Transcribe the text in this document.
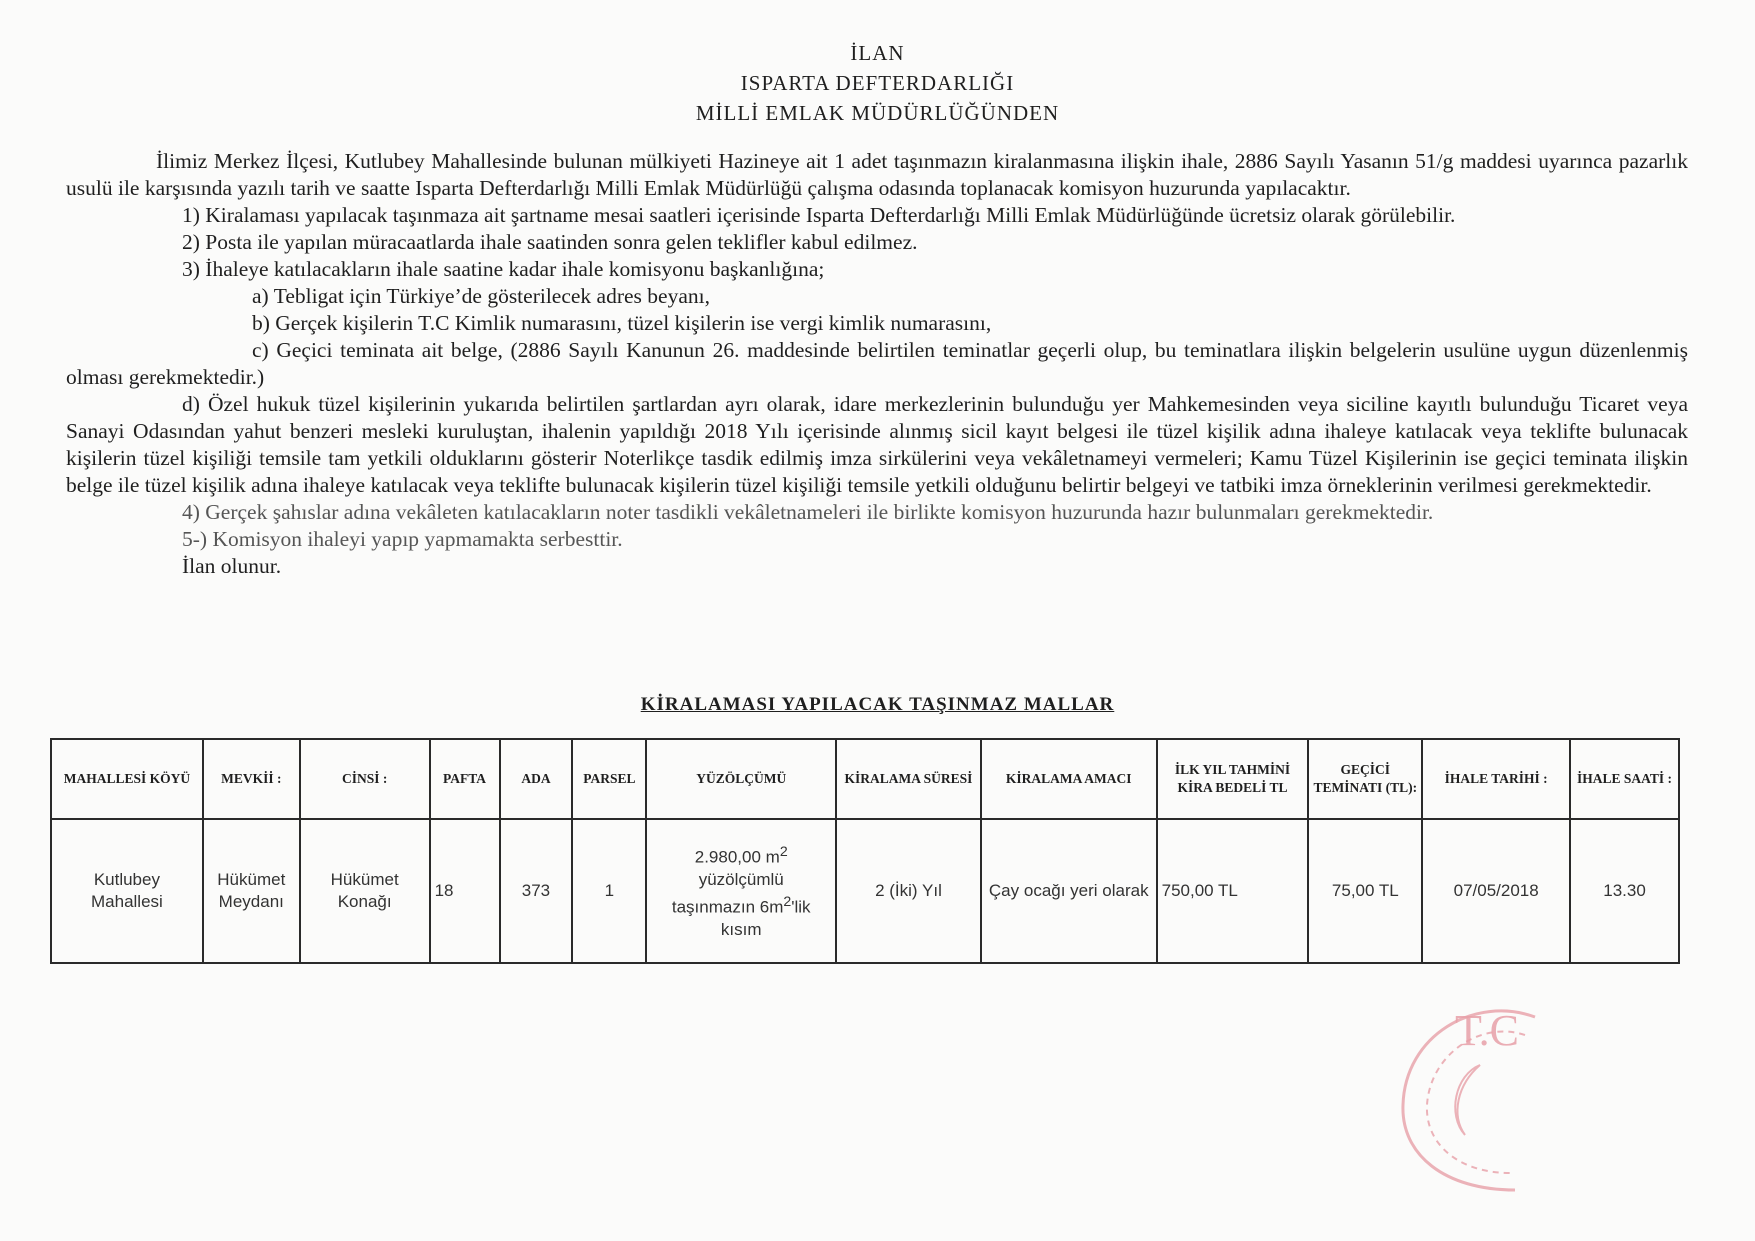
İLAN
ISPARTA DEFTERDARLIĞI
MİLLİ EMLAK MÜDÜRLÜĞÜNDEN

İlimiz Merkez İlçesi, Kutlubey Mahallesinde bulunan mülkiyeti Hazineye ait 1 adet taşınmazın kiralanmasına ilişkin ihale, 2886 Sayılı Yasanın 51/g maddesi uyarınca pazarlık usulü ile karşısında yazılı tarih ve saatte Isparta Defterdarlığı Milli Emlak Müdürlüğü çalışma odasında toplanacak komisyon huzurunda yapılacaktır.

1) Kiralaması yapılacak taşınmaza ait şartname mesai saatleri içerisinde Isparta Defterdarlığı Milli Emlak Müdürlüğünde ücretsiz olarak görülebilir.

2) Posta ile yapılan müracaatlarda ihale saatinden sonra gelen teklifler kabul edilmez.

3) İhaleye katılacakların ihale saatine kadar ihale komisyonu başkanlığına;

a) Tebligat için Türkiye’de gösterilecek adres beyanı,

b) Gerçek kişilerin T.C Kimlik numarasını, tüzel kişilerin ise vergi kimlik numarasını,

c) Geçici teminata ait belge, (2886 Sayılı Kanunun 26. maddesinde belirtilen teminatlar geçerli olup, bu teminatlara ilişkin belgelerin usulüne uygun düzenlenmiş olması gerekmektedir.)

d) Özel hukuk tüzel kişilerinin yukarıda belirtilen şartlardan ayrı olarak, idare merkezlerinin bulunduğu yer Mahkemesinden veya siciline kayıtlı bulunduğu Ticaret veya Sanayi Odasından yahut benzeri mesleki kuruluştan, ihalenin yapıldığı 2018 Yılı içerisinde alınmış sicil kayıt belgesi ile tüzel kişilik adına ihaleye katılacak veya teklifte bulunacak kişilerin tüzel kişiliği temsile tam yetkili olduklarını gösterir Noterlikçe tasdik edilmiş imza sirkülerini veya vekâletnameyi vermeleri; Kamu Tüzel Kişilerinin ise geçici teminata ilişkin belge ile tüzel kişilik adına ihaleye katılacak veya teklifte bulunacak kişilerin tüzel kişiliği temsile yetkili olduğunu belirtir belgeyi ve tatbiki imza örneklerinin verilmesi gerekmektedir.

4) Gerçek şahıslar adına vekâleten katılacakların noter tasdikli vekâletnameleri ile birlikte komisyon huzurunda hazır bulunmaları gerekmektedir.

5-) Komisyon ihaleyi yapıp yapmamakta serbesttir.

İlan olunur.

KİRALAMASI YAPILACAK TAŞINMAZ MALLAR
MAHALLESİ KÖYÜ	MEVKİİ :	CİNSİ :	PAFTA	ADA	PARSEL	YÜZÖLÇÜMÜ	KİRALAMA SÜRESİ	KİRALAMA AMACI	İLK YIL TAHMİNİ KİRA BEDELİ TL	GEÇİCİ TEMİNATI (TL):	İHALE TARİHİ :	İHALE SAATİ :
Kutlubey Mahallesi	Hükümet Meydanı	Hükümet Konağı	18	373	1	2.980,00 $m^2$
yüzölçümlü
taşınmazın $6m^2'lik$
kısım	2 (İki) Yıl	Çay ocağı yeri olarak	750,00 TL	75,00 TL	07/05/2018	13.30
T.C
